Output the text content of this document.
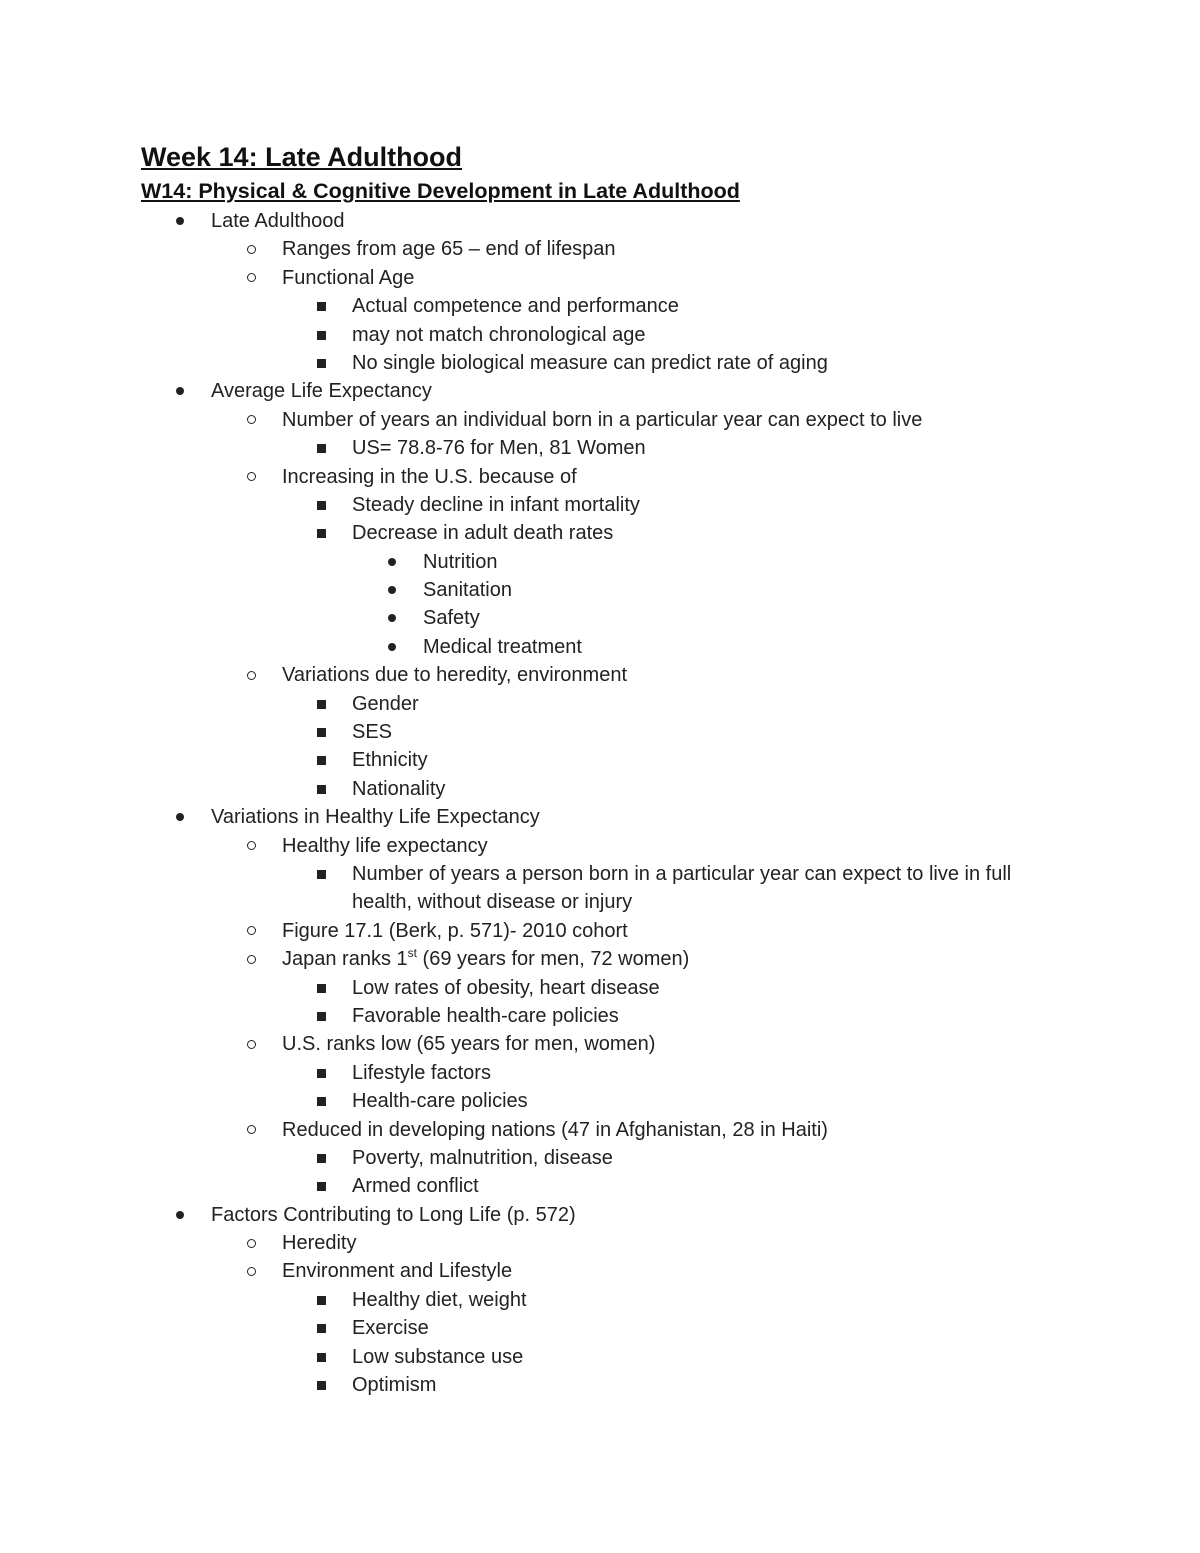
Week 14: Late Adulthood
W14: Physical & Cognitive Development in Late Adulthood
Late Adulthood
Ranges from age 65 – end of lifespan
Functional Age
Actual competence and performance
may not match chronological age
No single biological measure can predict rate of aging
Average Life Expectancy
Number of years an individual born in a particular year can expect to live
US= 78.8-76 for Men, 81 Women
Increasing in the U.S. because of
Steady decline in infant mortality
Decrease in adult death rates
Nutrition
Sanitation
Safety
Medical treatment
Variations due to heredity, environment
Gender
SES
Ethnicity
Nationality
Variations in Healthy Life Expectancy
Healthy life expectancy
Number of years a person born in a particular year can expect to live in full health, without disease or injury
Figure 17.1 (Berk, p. 571)- 2010 cohort
Japan ranks 1st (69 years for men, 72 women)
Low rates of obesity, heart disease
Favorable health-care policies
U.S. ranks low (65 years for men, women)
Lifestyle factors
Health-care policies
Reduced in developing nations (47 in Afghanistan, 28 in Haiti)
Poverty, malnutrition, disease
Armed conflict
Factors Contributing to Long Life (p. 572)
Heredity
Environment and Lifestyle
Healthy diet, weight
Exercise
Low substance use
Optimism
